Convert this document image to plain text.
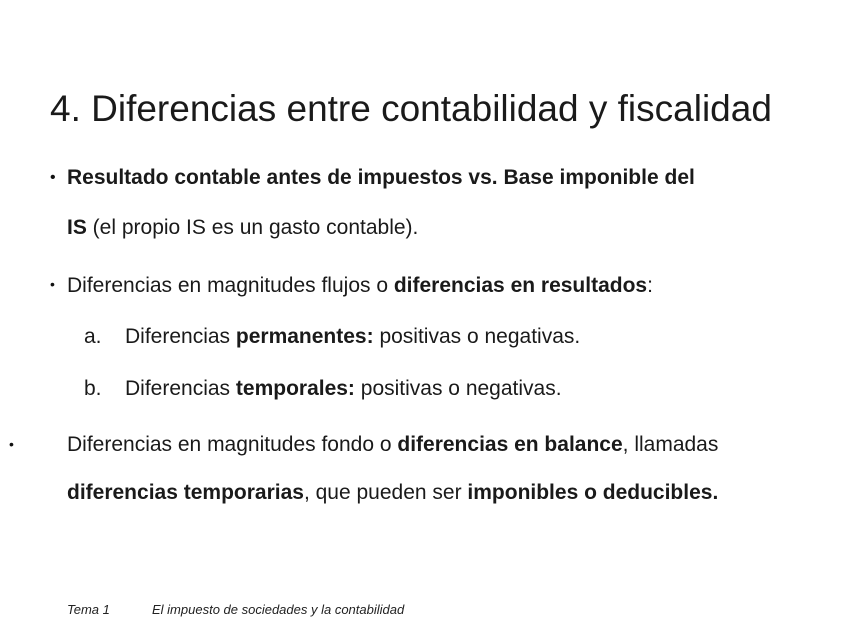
4. Diferencias entre contabilidad y fiscalidad
• Resultado contable antes de impuestos vs. Base imponible del
IS (el propio IS es un gasto contable).
• Diferencias en magnitudes flujos o diferencias en resultados:
a. Diferencias permanentes: positivas o negativas.
b. Diferencias temporales: positivas o negativas.
•	Diferencias en magnitudes fondo o diferencias en balance, llamadas
diferencias temporarias, que pueden ser imponibles o deducibles.
Tema 1	El impuesto de sociedades y la contabilidad
